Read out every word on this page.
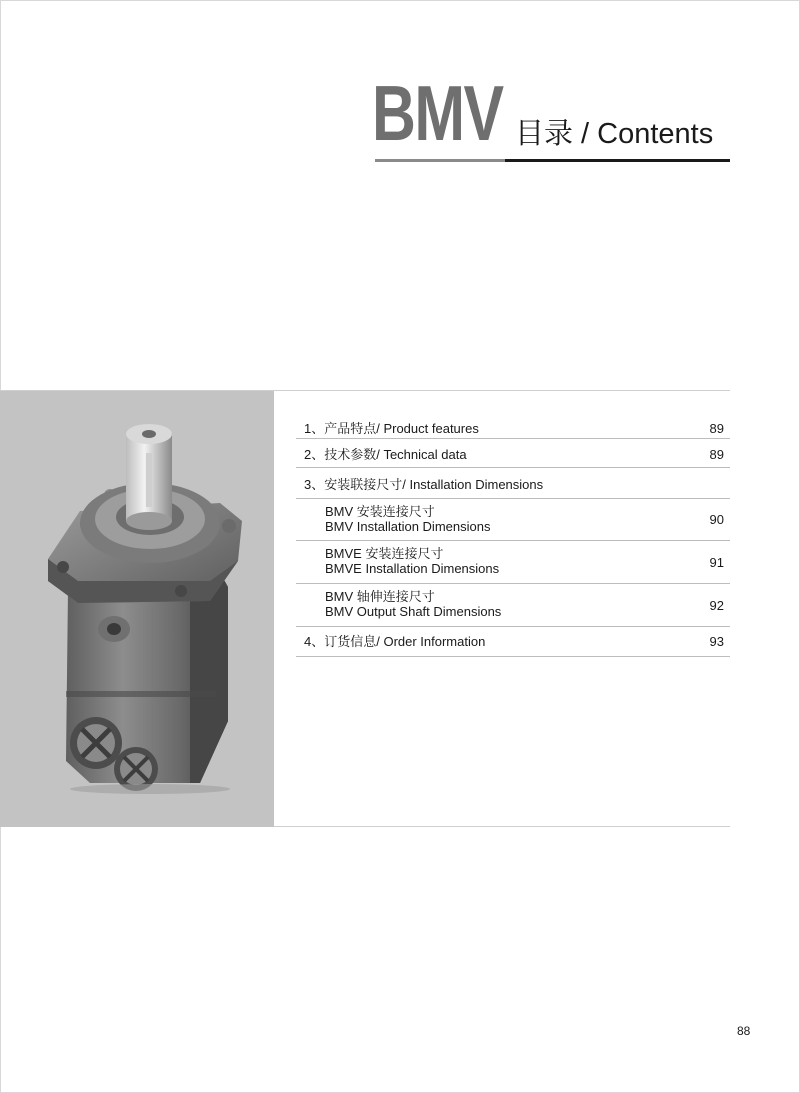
BMV 目录 / Contents
1、产品特点/ Product features	89
2、技术参数/ Technical data	89
3、安装联接尺寸/ Installation Dimensions
BMV 安装连接尺寸
BMV Installation Dimensions	90
BMVE 安装连接尺寸
BMVE Installation Dimensions	91
BMV 轴伸连接尺寸
BMV Output Shaft Dimensions	92
4、订货信息/ Order Information	93
88
